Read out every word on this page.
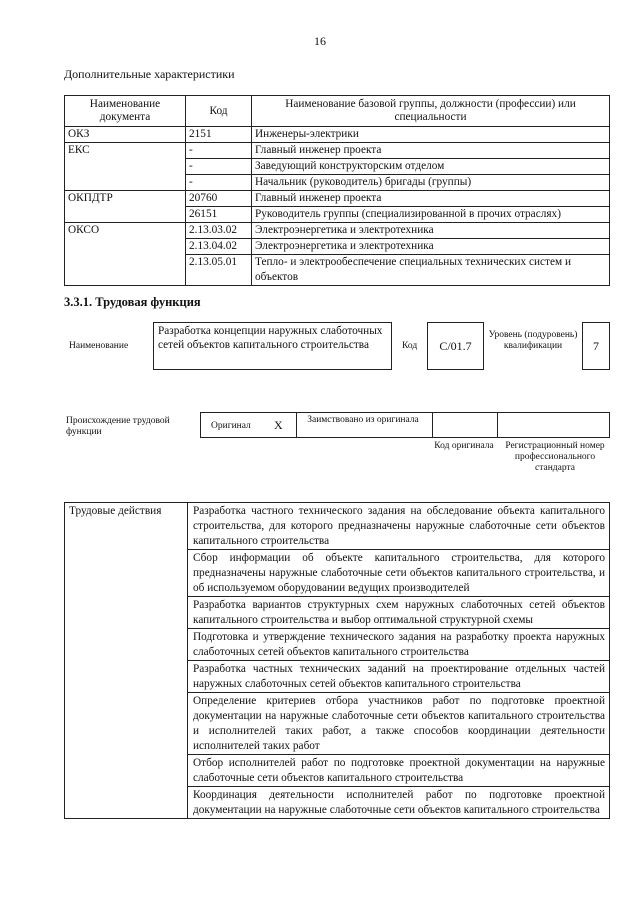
16
Дополнительные характеристики
Наименование документа	Код	Наименование базовой группы, должности (профессии) или специальности
ОКЗ	2151	Инженеры-электрики
ЕКС	-	Главный инженер проекта
	-	Заведующий конструкторским отделом
	-	Начальник (руководитель) бригады (группы)
ОКПДТР	20760	Главный инженер проекта
	26151	Руководитель группы (специализированной в прочих отраслях)
ОКСО	2.13.03.02	Электроэнергетика и электротехника
	2.13.04.02	Электроэнергетика и электротехника
	2.13.05.01	Тепло- и электрообеспечение специальных технических систем и объектов
3.3.1. Трудовая функция
Наименование
Разработка концепции наружных слаботочных сетей объектов капитального строительства	Код	C/01.7
Уровень (подуровень) квалификации	7
Происхождение трудовой функции
Оригинал X	Заимствовано из оригинала
Код оригинала	Регистрационный номер профессионального стандарта
Трудовые действия	Разработка частного технического задания на обследование объекта капитального строительства, для которого предназначены наружные слаботочные сети объектов капитального строительства
Сбор информации об объекте капитального строительства, для которого предназначены наружные слаботочные сети объектов капитального строительства, и об используемом оборудовании ведущих производителей
Разработка вариантов структурных схем наружных слаботочных сетей объектов капитального строительства и выбор оптимальной структурной схемы
Подготовка и утверждение технического задания на разработку проекта наружных слаботочных сетей объектов капитального строительства
Разработка частных технических заданий на проектирование отдельных частей наружных слаботочных сетей объектов капитального строительства
Определение критериев отбора участников работ по подготовке проектной документации на наружные слаботочные сети объектов капитального строительства и исполнителей таких работ, а также способов координации деятельности исполнителей таких работ
Отбор исполнителей работ по подготовке проектной документации на наружные слаботочные сети объектов капитального строительства
Координация деятельности исполнителей работ по подготовке проектной документации на наружные слаботочные сети объектов капитального строительства
